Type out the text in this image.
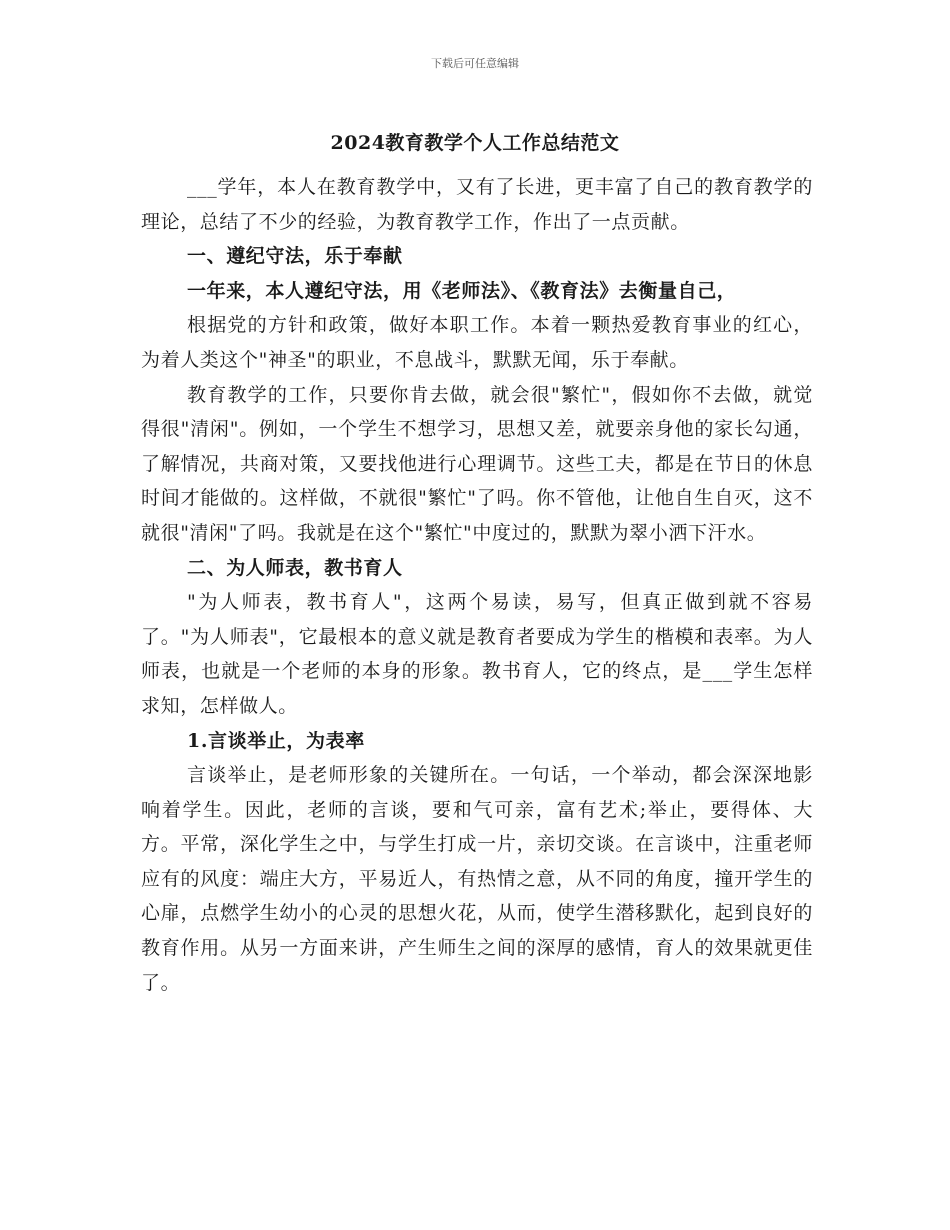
下载后可任意编辑
2024教育教学个人工作总结范文

___学年，本人在教育教学中，又有了长进，更丰富了自己的教育教学的理论，总结了不少的经验，为教育教学工作，作出了一点贡献。

一、遵纪守法，乐于奉献

一年来，本人遵纪守法，用《老师法》、《教育法》去衡量自己，

根据党的方针和政策，做好本职工作。本着一颗热爱教育事业的红心，为着人类这个"神圣"的职业，不息战斗，默默无闻，乐于奉献。

教育教学的工作，只要你肯去做，就会很"繁忙"，假如你不去做，就觉得很"清闲"。例如，一个学生不想学习，思想又差，就要亲身他的家长勾通，了解情况，共商对策，又要找他进行心理调节。这些工夫，都是在节日的休息时间才能做的。这样做，不就很"繁忙"了吗。你不管他，让他自生自灭，这不就很"清闲"了吗。我就是在这个"繁忙"中度过的，默默为翠小洒下汗水。

二、为人师表，教书育人

"为人师表，教书育人"，这两个易读，易写，但真正做到就不容易了。"为人师表"，它最根本的意义就是教育者要成为学生的楷模和表率。为人师表，也就是一个老师的本身的形象。教书育人，它的终点，是___学生怎样求知，怎样做人。

1.言谈举止，为表率

言谈举止，是老师形象的关键所在。一句话，一个举动，都会深深地影响着学生。因此，老师的言谈，要和气可亲，富有艺术;举止，要得体、大方。平常，深化学生之中，与学生打成一片，亲切交谈。在言谈中，注重老师应有的风度：端庄大方，平易近人，有热情之意，从不同的角度，撞开学生的心扉，点燃学生幼小的心灵的思想火花，从而，使学生潜移默化，起到良好的教育作用。从另一方面来讲，产生师生之间的深厚的感情，育人的效果就更佳了。
